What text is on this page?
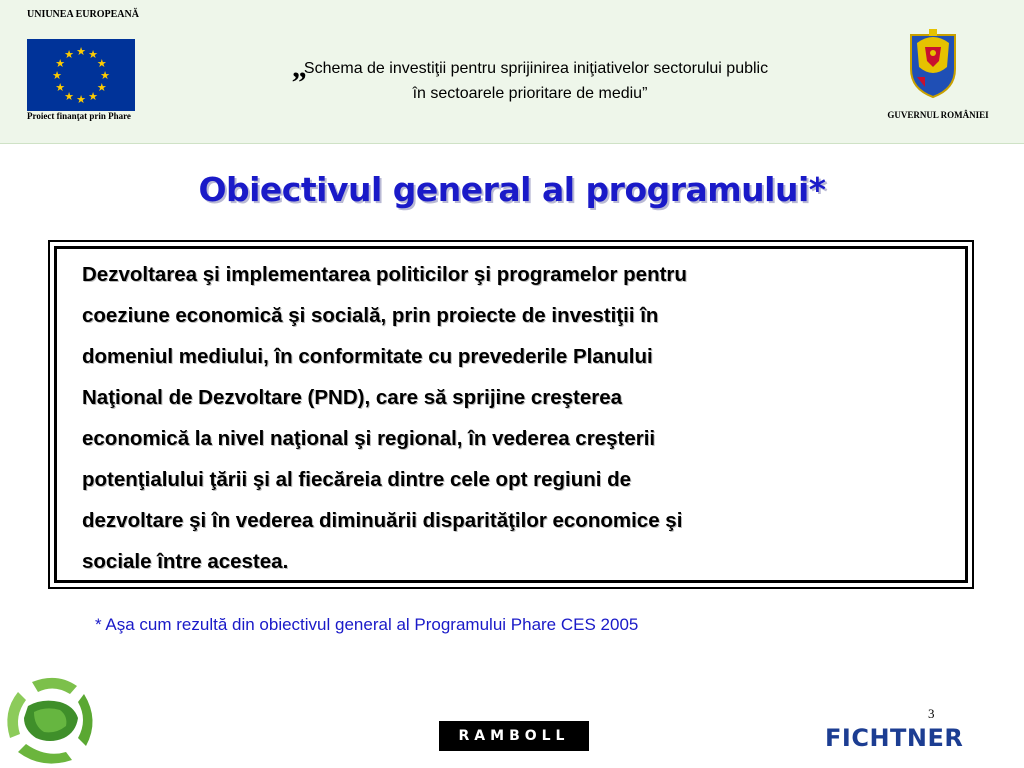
UNIUNEA EUROPEANĂ
★ ★
★
★
★
★
★
★
★
★
★
★
Proiect finanţat prin Phare
„Schema de investiţii pentru sprijinirea iniţiativelor sectorului public
în sectoarele prioritare de mediu”
GUVERNUL ROMÂNIEI
Obiectivul general al programului*
Dezvoltarea şi implementarea politicilor şi programelor pentru
coeziune economică şi socială, prin proiecte de investiţii în
domeniul mediului, în conformitate cu prevederile Planului
Naţional de Dezvoltare (PND), care să sprijine creşterea
economică la nivel naţional şi regional, în vederea creşterii
potenţialului ţării şi al fiecăreia dintre cele opt regiuni de
dezvoltare şi în vederea diminuării disparităţilor economice şi
sociale între acestea.
* Aşa cum rezultă din obiectivul general al Programului Phare CES 2005
3
RAMBOLL	FICHTNER
